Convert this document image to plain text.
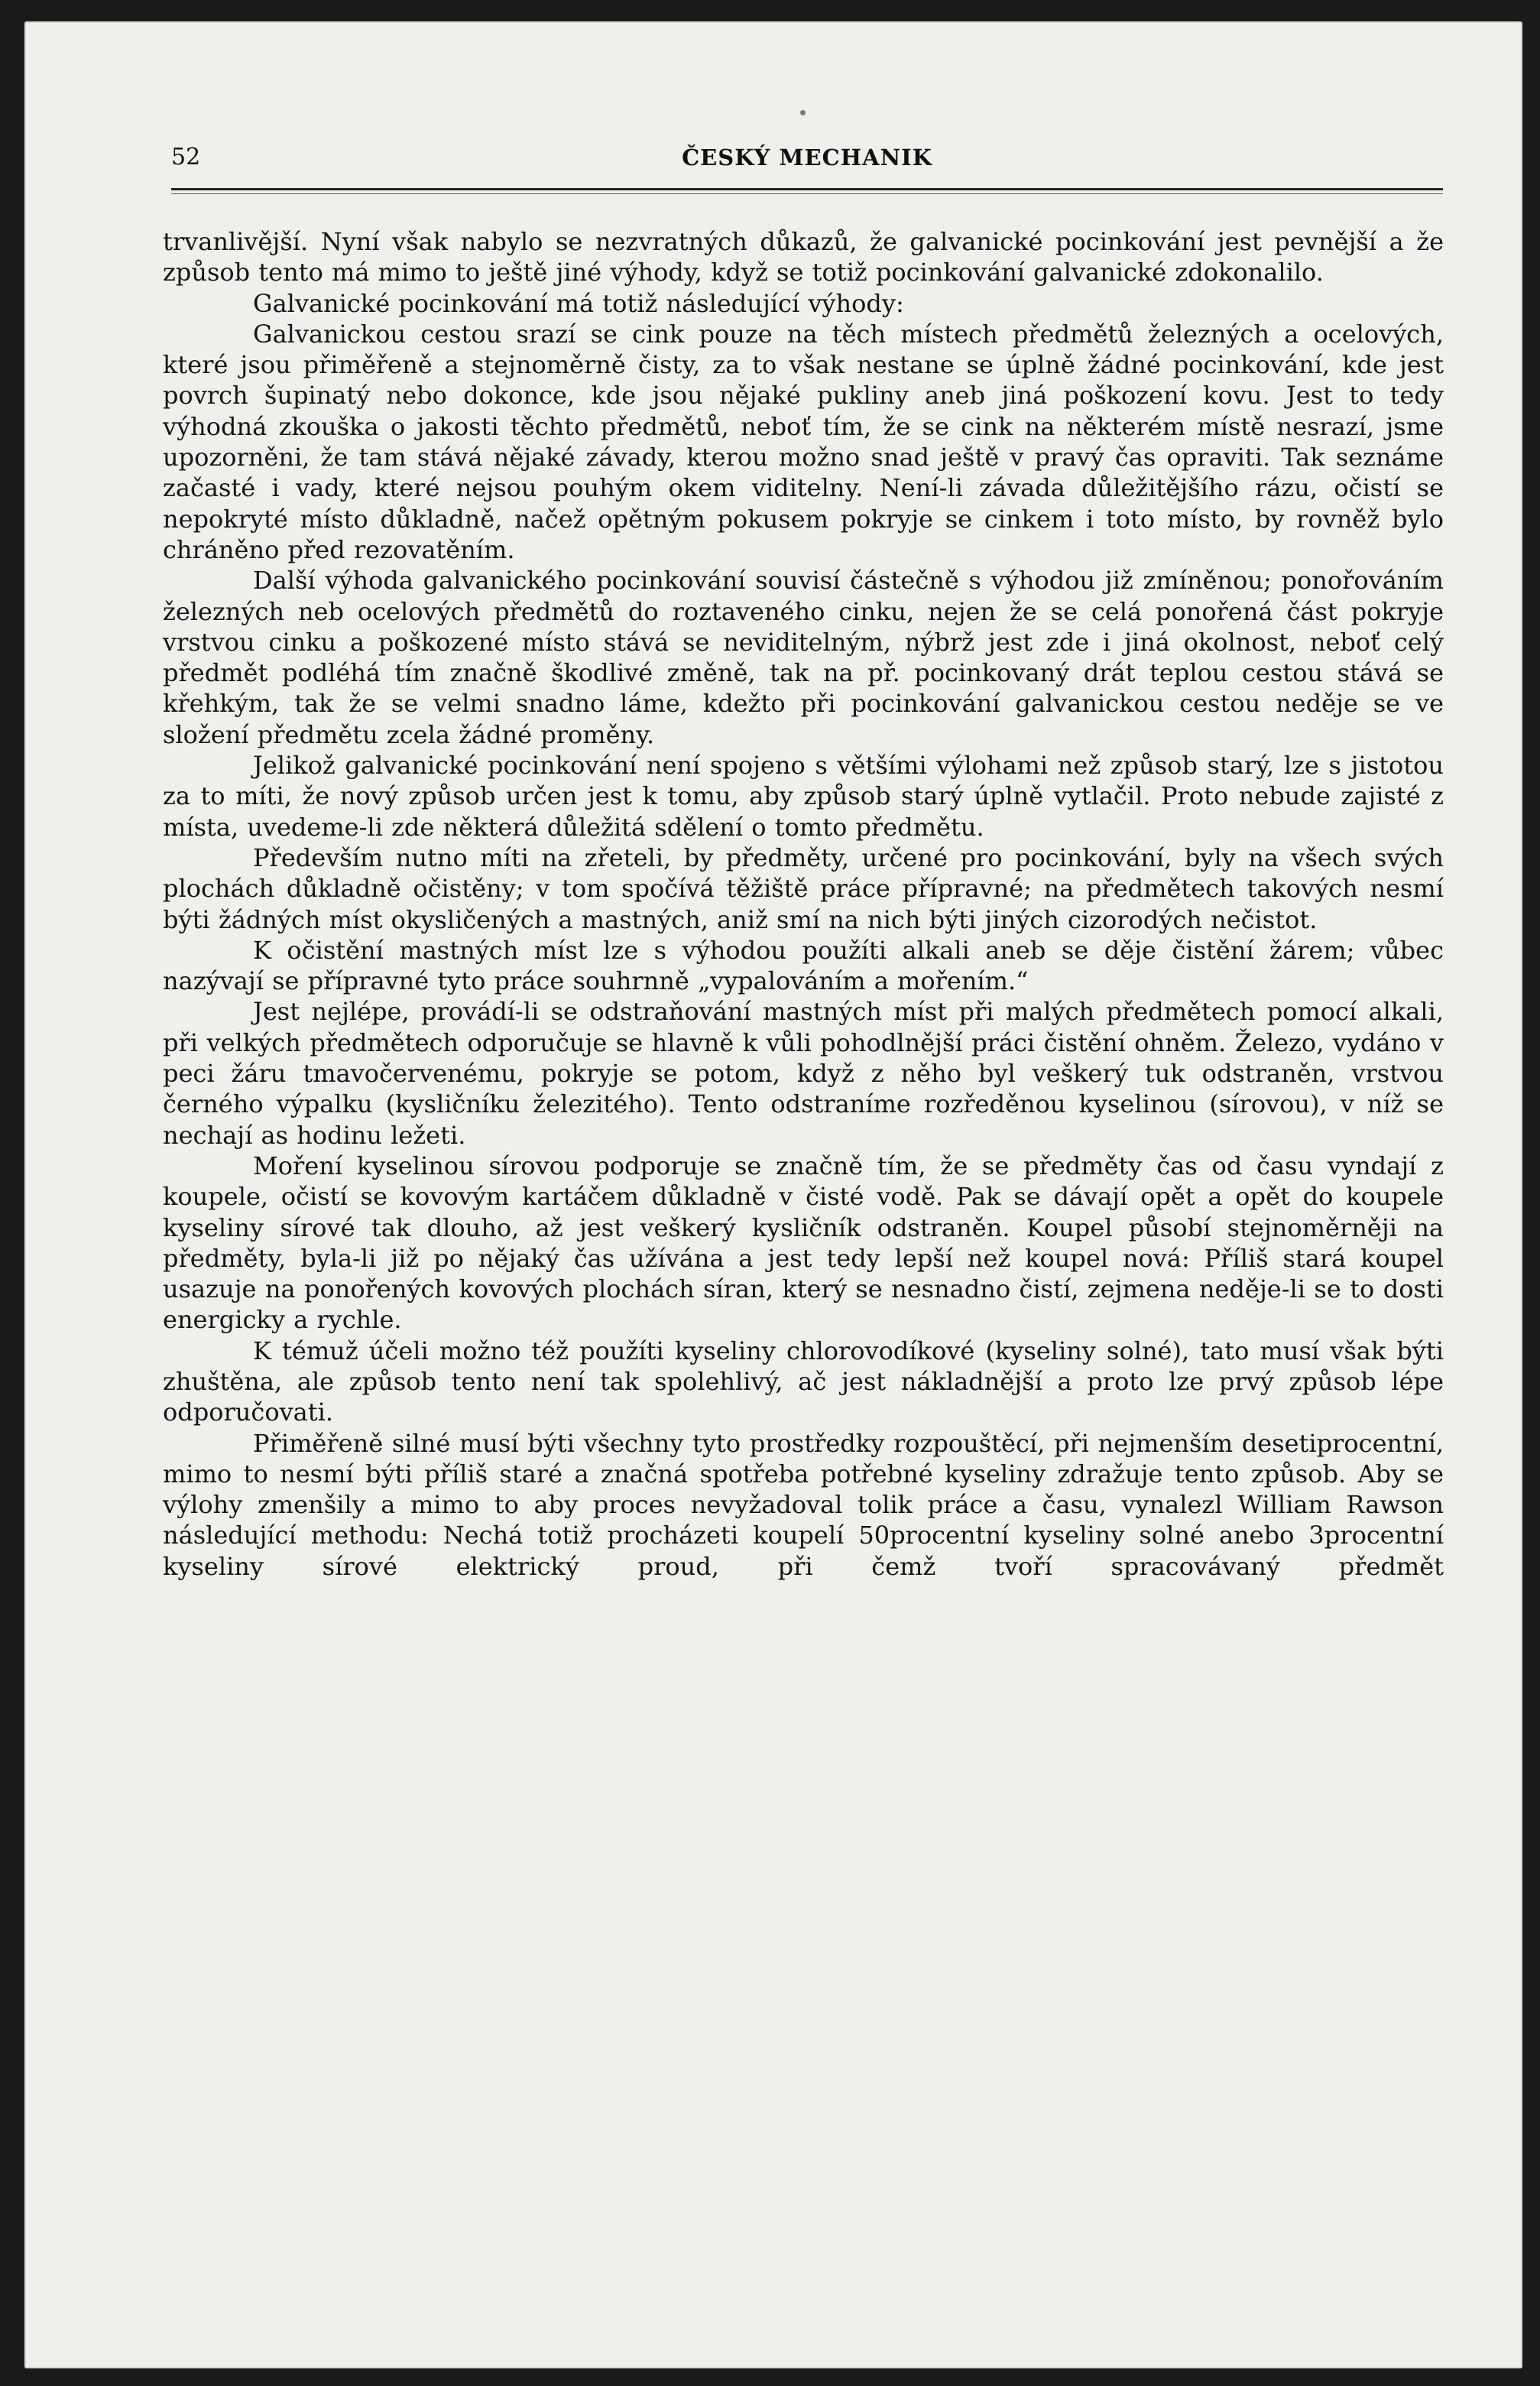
52	ČESKÝ MECHANIK

trvanlivější. Nyní však nabylo se nezvratných důkazů, že galvanické pocinkování jest pevnější a že způsob tento má mimo to ještě jiné výhody, když se totiž pocinkování galvanické zdokonalilo.

Galvanické pocinkování má totiž následující výhody:

Galvanickou cestou srazí se cink pouze na těch místech předmětů železných a ocelových, které jsou přiměřeně a stejnoměrně čisty, za to však nestane se úplně žádné pocinkování, kde jest povrch šupinatý nebo dokonce, kde jsou nějaké pukliny aneb jiná poškození kovu. Jest to tedy výhodná zkouška o jakosti těchto předmětů, neboť tím, že se cink na některém místě nesrazí, jsme upozorněni, že tam stává nějaké závady, kterou možno snad ještě v pravý čas opraviti. Tak seznáme začasté i vady, které nejsou pouhým okem viditelny. Není-li závada důležitějšího rázu, očistí se nepokryté místo důkladně, načež opětným pokusem pokryje se cinkem i toto místo, by rovněž bylo chráněno před rezovatěním.

Další výhoda galvanického pocinkování souvisí částečně s výhodou již zmíněnou; ponořováním železných neb ocelových předmětů do roztaveného cinku, nejen že se celá ponořená část pokryje vrstvou cinku a poškozené místo stává se neviditelným, nýbrž jest zde i jiná okolnost, neboť celý předmět podléhá tím značně škodlivé změně, tak na př. pocinkovaný drát teplou cestou stává se křehkým, tak že se velmi snadno láme, kdežto při pocinkování galvanickou cestou neděje se ve složení předmětu zcela žádné proměny.

Jelikož galvanické pocinkování není spojeno s většími výlohami než způsob starý, lze s jistotou za to míti, že nový způsob určen jest k tomu, aby způsob starý úplně vytlačil. Proto nebude zajisté z místa, uvedeme-li zde některá důležitá sdělení o tomto předmětu.

Především nutno míti na zřeteli, by předměty, určené pro pocinkování, byly na všech svých plochách důkladně očistěny; v tom spočívá těžiště práce přípravné; na předmětech takových nesmí býti žádných míst okysličených a mastných, aniž smí na nich býti jiných cizorodých nečistot.

K očistění mastných míst lze s výhodou použíti alkali aneb se děje čistění žárem; vůbec nazývají se přípravné tyto práce souhrnně „vypalováním a mořením.“

Jest nejlépe, provádí-li se odstraňování mastných míst při malých předmětech pomocí alkali, při velkých předmětech odporučuje se hlavně k vůli pohodlnější práci čistění ohněm. Železo, vydáno v peci žáru tmavočervenému, pokryje se potom, když z něho byl veškerý tuk odstraněn, vrstvou černého výpalku (kysličníku železitého). Tento odstraníme rozředěnou kyselinou (sírovou), v níž se nechají as hodinu ležeti.

Moření kyselinou sírovou podporuje se značně tím, že se předměty čas od času vyndají z koupele, očistí se kovovým kartáčem důkladně v čisté vodě. Pak se dávají opět a opět do koupele kyseliny sírové tak dlouho, až jest veškerý kysličník odstraněn. Koupel působí stejnoměrněji na předměty, byla-li již po nějaký čas užívána a jest tedy lepší než koupel nová: Příliš stará koupel usazuje na ponořených kovových plochách síran, který se nesnadno čistí, zejmena neděje-li se to dosti energicky a rychle.

K témuž účeli možno též použíti kyseliny chlorovodíkové (kyseliny solné), tato musí však býti zhuštěna, ale způsob tento není tak spolehlivý, ač jest nákladnější a proto lze prvý způsob lépe odporučovati.

Přiměřeně silné musí býti všechny tyto prostředky rozpouštěcí, při nejmenším desetiprocentní, mimo to nesmí býti příliš staré a značná spotřeba potřebné kyseliny zdražuje tento způsob. Aby se výlohy zmenšily a mimo to aby proces nevyžadoval tolik práce a času, vynalezl William Rawson následující methodu: Nechá totiž procházeti koupelí 50procentní kyseliny solné anebo 3procentní kyseliny sírové elektrický proud, při čemž tvoří spracovávaný předmět
